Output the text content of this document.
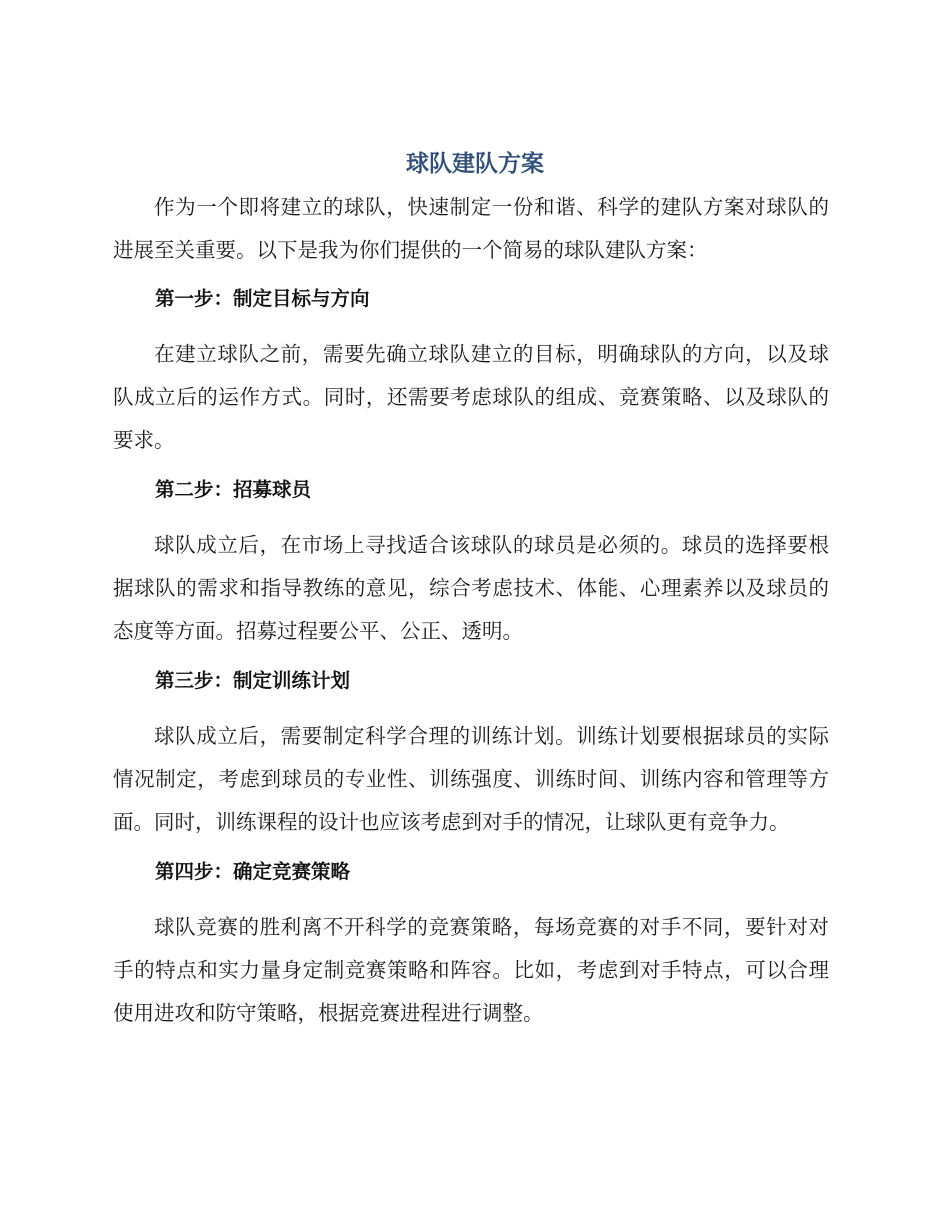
球队建队方案

作为一个即将建立的球队，快速制定一份和谐、科学的建队方案对球队的进展至关重要。以下是我为你们提供的一个简易的球队建队方案：

第一步：制定目标与方向

在建立球队之前，需要先确立球队建立的目标，明确球队的方向，以及球队成立后的运作方式。同时，还需要考虑球队的组成、竞赛策略、以及球队的要求。

第二步：招募球员

球队成立后，在市场上寻找适合该球队的球员是必须的。球员的选择要根据球队的需求和指导教练的意见，综合考虑技术、体能、心理素养以及球员的态度等方面。招募过程要公平、公正、透明。

第三步：制定训练计划

球队成立后，需要制定科学合理的训练计划。训练计划要根据球员的实际情况制定，考虑到球员的专业性、训练强度、训练时间、训练内容和管理等方面。同时，训练课程的设计也应该考虑到对手的情况，让球队更有竞争力。

第四步：确定竞赛策略

球队竞赛的胜利离不开科学的竞赛策略，每场竞赛的对手不同，要针对对手的特点和实力量身定制竞赛策略和阵容。比如，考虑到对手特点，可以合理使用进攻和防守策略，根据竞赛进程进行调整。
